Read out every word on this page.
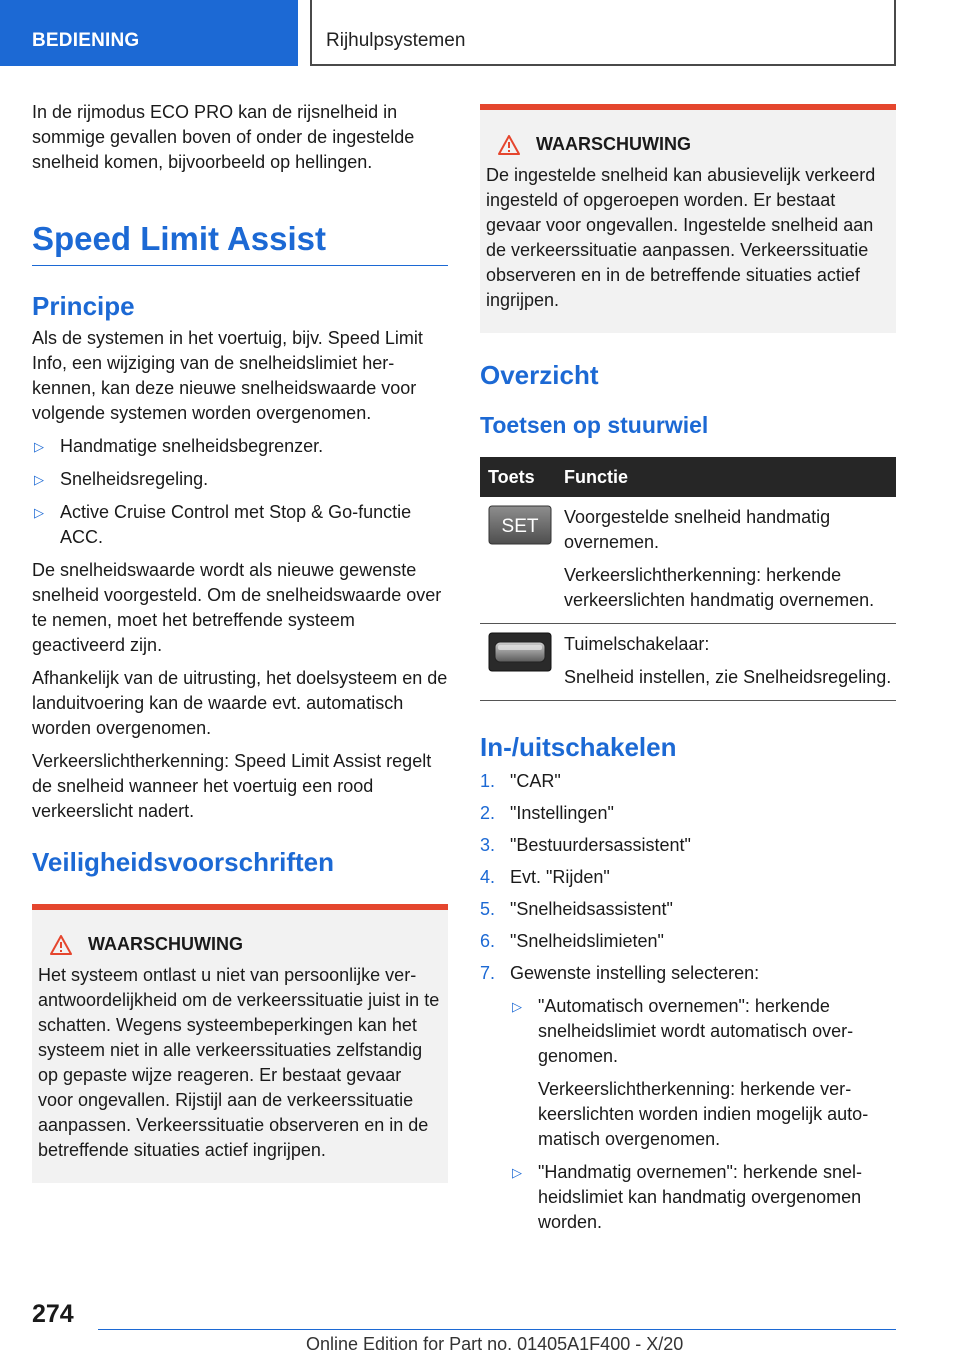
BEDIENING	Rijhulpsystemen

In de rijmodus ECO PRO kan de rijsnelheid in sommige gevallen boven of onder de ingestelde snelheid komen, bijvoorbeeld op hellingen.

Speed Limit Assist
Principe

Als de systemen in het voertuig, bijv. Speed Limit Info, een wijziging van de snelheidslimiet herkennen, kan deze nieuwe snelheidswaarde voor volgende systemen worden overgenomen.

▷ Handmatige snelheidsbegrenzer.
▷ Snelheidsregeling.
▷ Active Cruise Control met Stop & Go-functie ACC.

De snelheidswaarde wordt als nieuwe gewenste snelheid voorgesteld. Om de snelheidswaarde over te nemen, moet het betreffende systeem geactiveerd zijn.

Afhankelijk van de uitrusting, het doelsysteem en de landuitvoering kan de waarde evt. automatisch worden overgenomen.

Verkeerslichtherkenning: Speed Limit Assist regelt de snelheid wanneer het voertuig een rood verkeerslicht nadert.

Veiligheidsvoorschriften
WAARSCHUWING

Het systeem ontlast u niet van persoonlijke verantwoordelijkheid om de verkeerssituatie juist in te schatten. Wegens systeembeperkingen kan het systeem niet in alle verkeerssituaties zelfstandig op gepaste wijze reageren. Er bestaat gevaar voor ongevallen. Rijstijl aan de verkeerssituatie aanpassen. Verkeerssituatie observeren en in de betreffende situaties actief ingrijpen.

WAARSCHUWING

De ingestelde snelheid kan abusievelijk verkeerd ingesteld of opgeroepen worden. Er bestaat gevaar voor ongevallen. Ingestelde snelheid aan de verkeerssituatie aanpassen. Verkeerssituatie observeren en in de betreffende situaties actief ingrijpen.

Overzicht
Toetsen op stuurwiel
Toets	Functie

SET	Voorgestelde snelheid handmatig overnemen.

Verkeerslichtherkenning: herkende verkeerslichten handmatig overnemen.

Tuimelschakelaar:

Snelheid instellen, zie Snelheidsregeling.

In-/uitschakelen
1. "CAR"
2. "Instellingen"
3. "Bestuurdersassistent"
4. Evt. "Rijden"
5. "Snelheidsassistent"
6. "Snelheidslimieten"
7. Gewenste instelling selecteren:
▷ "Automatisch overnemen": herkende snelheidslimiet wordt automatisch overgenomen.

Verkeerslichtherkenning: herkende verkeerslichten worden indien mogelijk automatisch overgenomen.

▷ "Handmatig overnemen": herkende snelheidslimiet kan handmatig overgenomen worden.

274
Online Edition for Part no. 01405A1F400 - X/20
